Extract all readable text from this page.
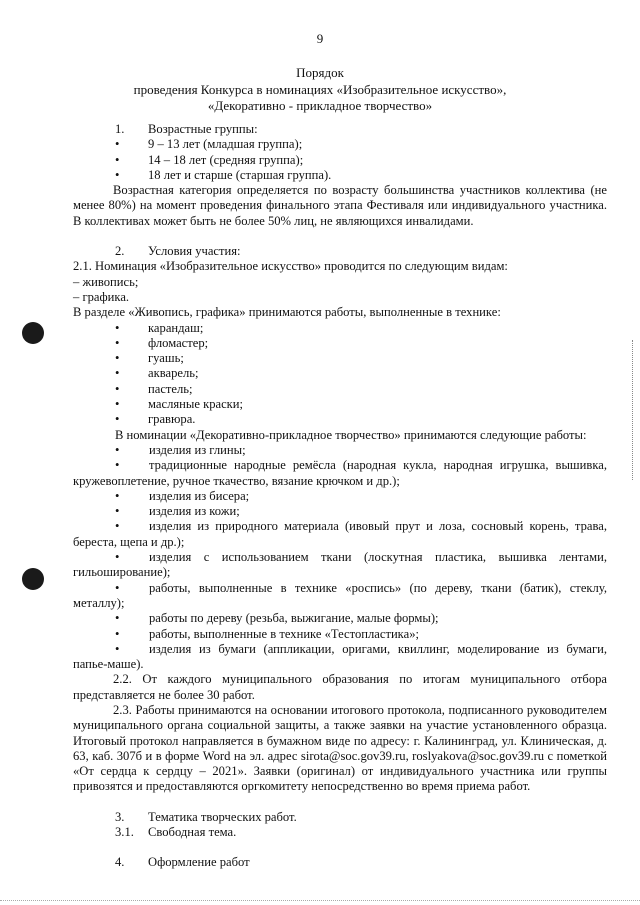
9
Порядок
проведения Конкурса в номинациях «Изобразительное искусство»,
«Декоративно - прикладное творчество»
1.	Возрастные группы:
•	9 – 13 лет (младшая группа);
•	14 – 18 лет (средняя группа);
•	18 лет и старше (старшая группа).

Возрастная категория определяется по возрасту большинства участников коллектива (не менее 80%) на момент проведения финального этапа Фестиваля или индивидуального участника. В коллективах может быть не более 50% лиц, не являющихся инвалидами.

2.	Условия участия:

2.1. Номинация «Изобразительное искусство» проводится по следующим видам:

– живопись;

– графика.

В разделе «Живопись, графика» принимаются работы, выполненные в технике:

•	карандаш;
•	фломастер;
•	гуашь;
•	акварель;
•	пастель;
•	масляные краски;
•	гравюра.

В номинации «Декоративно-прикладное творчество» принимаются следующие работы:

• изделия из глины;

• традиционные народные ремёсла (народная кукла, народная игрушка, вышивка, кружевоплетение, ручное ткачество, вязание крючком и др.);

• изделия из бисера;

• изделия из кожи;

• изделия из природного материала (ивовый прут и лоза, сосновый корень, трава, береста, щепа и др.);

• изделия с использованием ткани (лоскутная пластика, вышивка лентами, гильоширование);

• работы, выполненные в технике «роспись» (по дереву, ткани (батик), стеклу, металлу);

• работы по дереву (резьба, выжигание, малые формы);

• работы, выполненные в технике «Тестопластика»;

• изделия из бумаги (аппликации, оригами, квиллинг, моделирование из бумаги, папье-маше).

2.2. От каждого муниципального образования по итогам муниципального отбора представляется не более 30 работ.

2.3. Работы принимаются на основании итогового протокола, подписанного руководителем муниципального органа социальной защиты, а также заявки на участие установленного образца. Итоговый протокол направляется в бумажном виде по адресу: г. Калининград, ул. Клиническая, д. 63, каб. 307б и в форме Word на эл. адрес sirota@soc.gov39.ru, roslyakova@soc.gov39.ru с пометкой «От сердца к сердцу – 2021». Заявки (оригинал) от индивидуального участника или группы привозятся и предоставляются оргкомитету непосредственно во время приема работ.

3.	Тематика творческих работ.
3.1.	Свободная тема.
4.	Оформление работ
